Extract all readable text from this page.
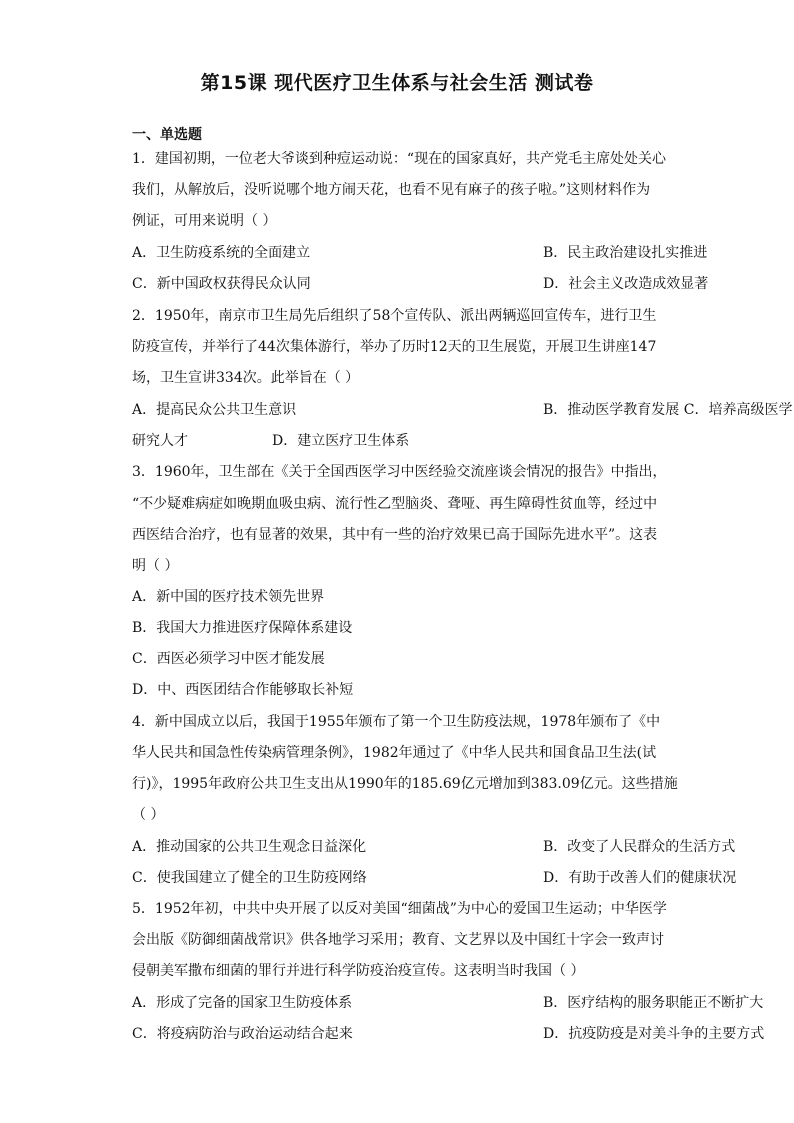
第15课 现代医疗卫生体系与社会生活 测试卷
一、单选题
1．建国初期，一位老大爷谈到种痘运动说：“现在的国家真好，共产党毛主席处处关心
我们，从解放后，没听说哪个地方闹天花，也看不见有麻子的孩子啦。”这则材料作为
例证，可用来说明（ ）
A．卫生防疫系统的全面建立	B．民主政治建设扎实推进
C．新中国政权获得民众认同	D．社会主义改造成效显著
2．1950年，南京市卫生局先后组织了58个宣传队、派出两辆巡回宣传车，进行卫生
防疫宣传，并举行了44次集体游行，举办了历时12天的卫生展览，开展卫生讲座147
场，卫生宣讲334次。此举旨在（ ）
A．提高民众公共卫生意识	B．推动医学教育发展 C．培养高级医学
研究人才	D．建立医疗卫生体系
3．1960年，卫生部在《关于全国西医学习中医经验交流座谈会情况的报告》中指出，
“不少疑难病症如晚期血吸虫病、流行性乙型脑炎、聋哑、再生障碍性贫血等，经过中
西医结合治疗，也有显著的效果，其中有一些的治疗效果已高于国际先进水平”。这表
明（ ）
A．新中国的医疗技术领先世界
B．我国大力推进医疗保障体系建设
C．西医必须学习中医才能发展
D．中、西医团结合作能够取长补短
4．新中国成立以后，我国于1955年颁布了第一个卫生防疫法规，1978年颁布了《中
华人民共和国急性传染病管理条例》，1982年通过了《中华人民共和国食品卫生法(试
行)》，1995年政府公共卫生支出从1990年的185.69亿元增加到383.09亿元。这些措施
（ ）
A．推动国家的公共卫生观念日益深化	B．改变了人民群众的生活方式
C．使我国建立了健全的卫生防疫网络	D．有助于改善人们的健康状况
5．1952年初，中共中央开展了以反对美国“细菌战”为中心的爱国卫生运动；中华医学
会出版《防御细菌战常识》供各地学习采用；教育、文艺界以及中国红十字会一致声讨
侵朝美军撒布细菌的罪行并进行科学防疫治疫宣传。这表明当时我国（ ）
A．形成了完备的国家卫生防疫体系	B．医疗结构的服务职能正不断扩大
C．将疫病防治与政治运动结合起来	D．抗疫防疫是对美斗争的主要方式
